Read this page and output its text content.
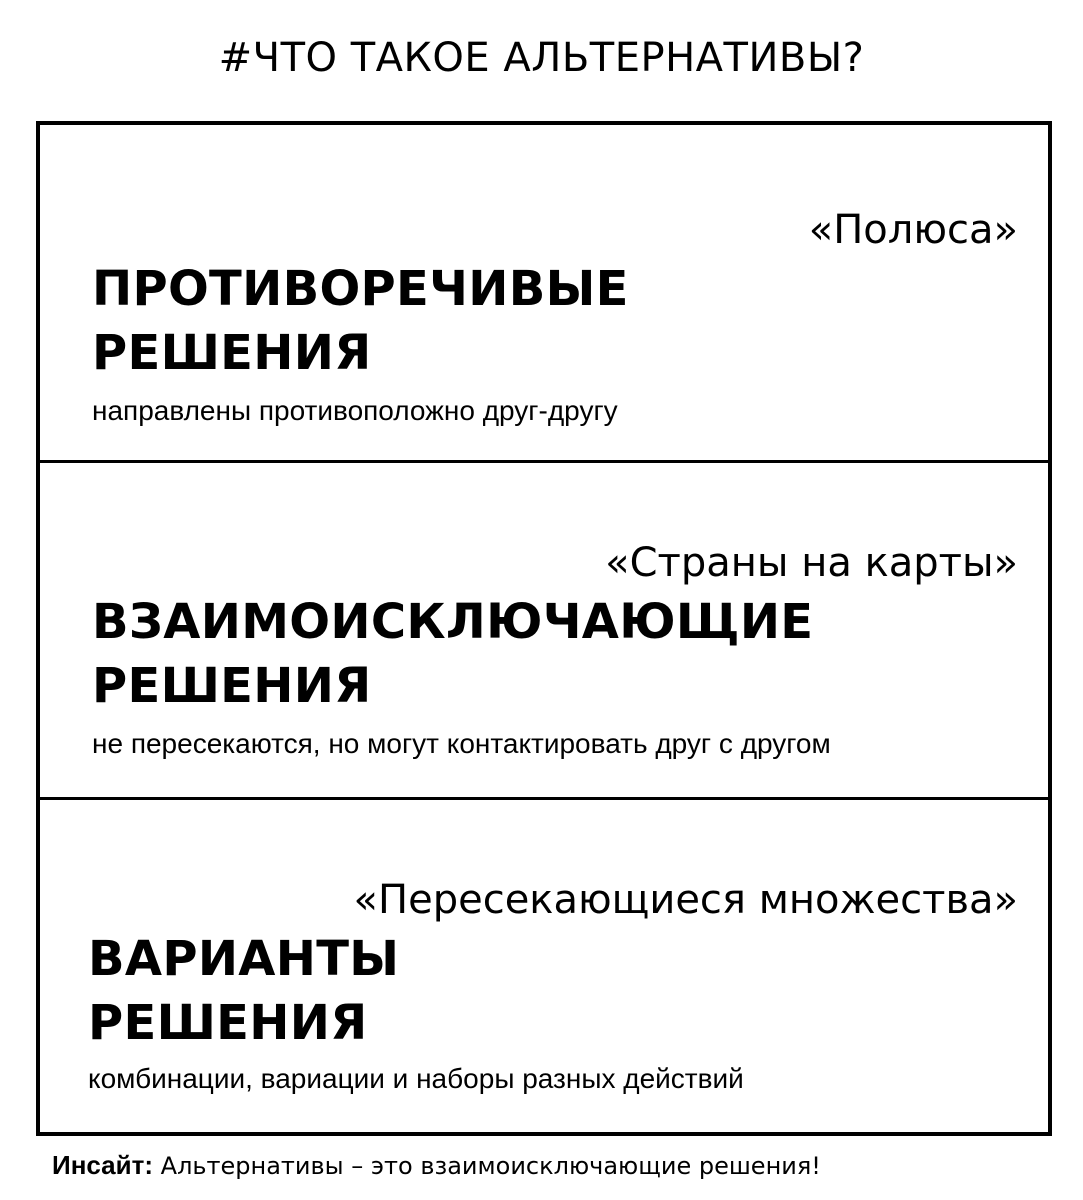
#ЧТО ТАКОЕ АЛЬТЕРНАТИВЫ?
«Полюса»
ПРОТИВОРЕЧИВЫЕ
РЕШЕНИЯ
направлены противоположно друг-другу
«Страны на карты»
ВЗАИМОИСКЛЮЧАЮЩИЕ
РЕШЕНИЯ
не пересекаются, но могут контактировать друг с другом
«Пересекающиеся множества»
ВАРИАНТЫ
РЕШЕНИЯ
комбинации, вариации и наборы разных действий
Инсайт: Альтернативы – это взаимоисключающие решения!
